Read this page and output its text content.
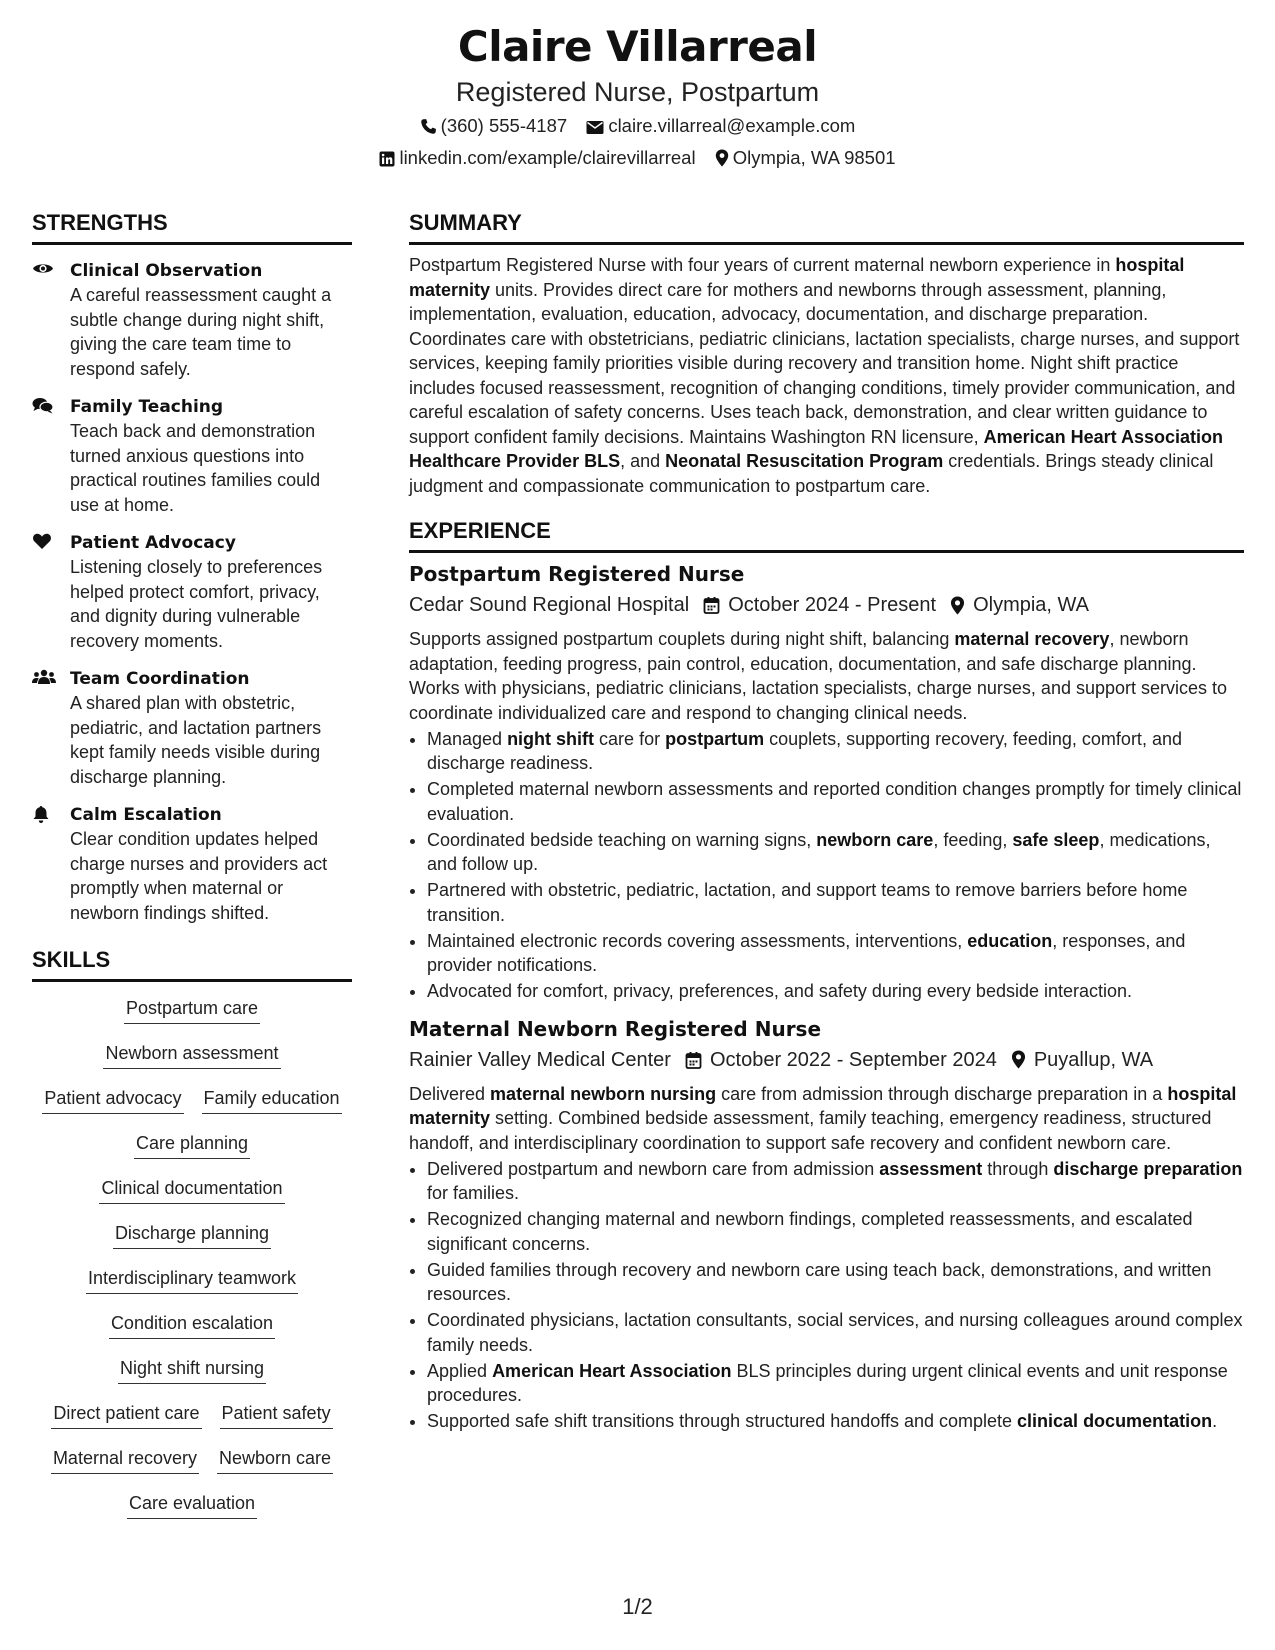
Claire Villarreal
Registered Nurse, Postpartum
(360) 555-4187 claire.villarreal@example.com
linkedin.com/example/clairevillarreal Olympia, WA 98501
STRENGTHS
Clinical Observation
A careful reassessment caught a subtle change during night shift, giving the care team time to respond safely.
Family Teaching
Teach back and demonstration turned anxious questions into practical routines families could use at home.
Patient Advocacy
Listening closely to preferences helped protect comfort, privacy, and dignity during vulnerable recovery moments.
Team Coordination
A shared plan with obstetric, pediatric, and lactation partners kept family needs visible during discharge planning.
Calm Escalation
Clear condition updates helped charge nurses and providers act promptly when maternal or newborn findings shifted.
SKILLS
Postpartum care
Newborn assessment
Patient advocacy Family education
Care planning
Clinical documentation
Discharge planning
Interdisciplinary teamwork
Condition escalation
Night shift nursing
Direct patient care Patient safety
Maternal recovery Newborn care
Care evaluation
SUMMARY
Postpartum Registered Nurse with four years of current maternal newborn experience in hospital maternity units. Provides direct care for mothers and newborns through assessment, planning, implementation, evaluation, education, advocacy, documentation, and discharge preparation. Coordinates care with obstetricians, pediatric clinicians, lactation specialists, charge nurses, and support services, keeping family priorities visible during recovery and transition home. Night shift practice includes focused reassessment, recognition of changing conditions, timely provider communication, and careful escalation of safety concerns. Uses teach back, demonstration, and clear written guidance to support confident family decisions. Maintains Washington RN licensure, American Heart Association Healthcare Provider BLS, and Neonatal Resuscitation Program credentials. Brings steady clinical judgment and compassionate communication to postpartum care.
EXPERIENCE
Postpartum Registered Nurse
Cedar Sound Regional Hospital October 2024 - Present Olympia, WA
Supports assigned postpartum couplets during night shift, balancing maternal recovery, newborn adaptation, feeding progress, pain control, education, documentation, and safe discharge planning. Works with physicians, pediatric clinicians, lactation specialists, charge nurses, and support services to coordinate individualized care and respond to changing clinical needs.
• Managed night shift care for postpartum couplets, supporting recovery, feeding, comfort, and discharge readiness.
• Completed maternal newborn assessments and reported condition changes promptly for timely clinical evaluation.
• Coordinated bedside teaching on warning signs, newborn care, feeding, safe sleep, medications, and follow up.
• Partnered with obstetric, pediatric, lactation, and support teams to remove barriers before home transition.
• Maintained electronic records covering assessments, interventions, education, responses, and provider notifications.
• Advocated for comfort, privacy, preferences, and safety during every bedside interaction.
Maternal Newborn Registered Nurse
Rainier Valley Medical Center October 2022 - September 2024 Puyallup, WA
Delivered maternal newborn nursing care from admission through discharge preparation in a hospital maternity setting. Combined bedside assessment, family teaching, emergency readiness, structured handoff, and interdisciplinary coordination to support safe recovery and confident newborn care.
• Delivered postpartum and newborn care from admission assessment through discharge preparation for families.
• Recognized changing maternal and newborn findings, completed reassessments, and escalated significant concerns.
• Guided families through recovery and newborn care using teach back, demonstrations, and written resources.
• Coordinated physicians, lactation consultants, social services, and nursing colleagues around complex family needs.
• Applied American Heart Association BLS principles during urgent clinical events and unit response procedures.
• Supported safe shift transitions through structured handoffs and complete clinical documentation.
1/2
